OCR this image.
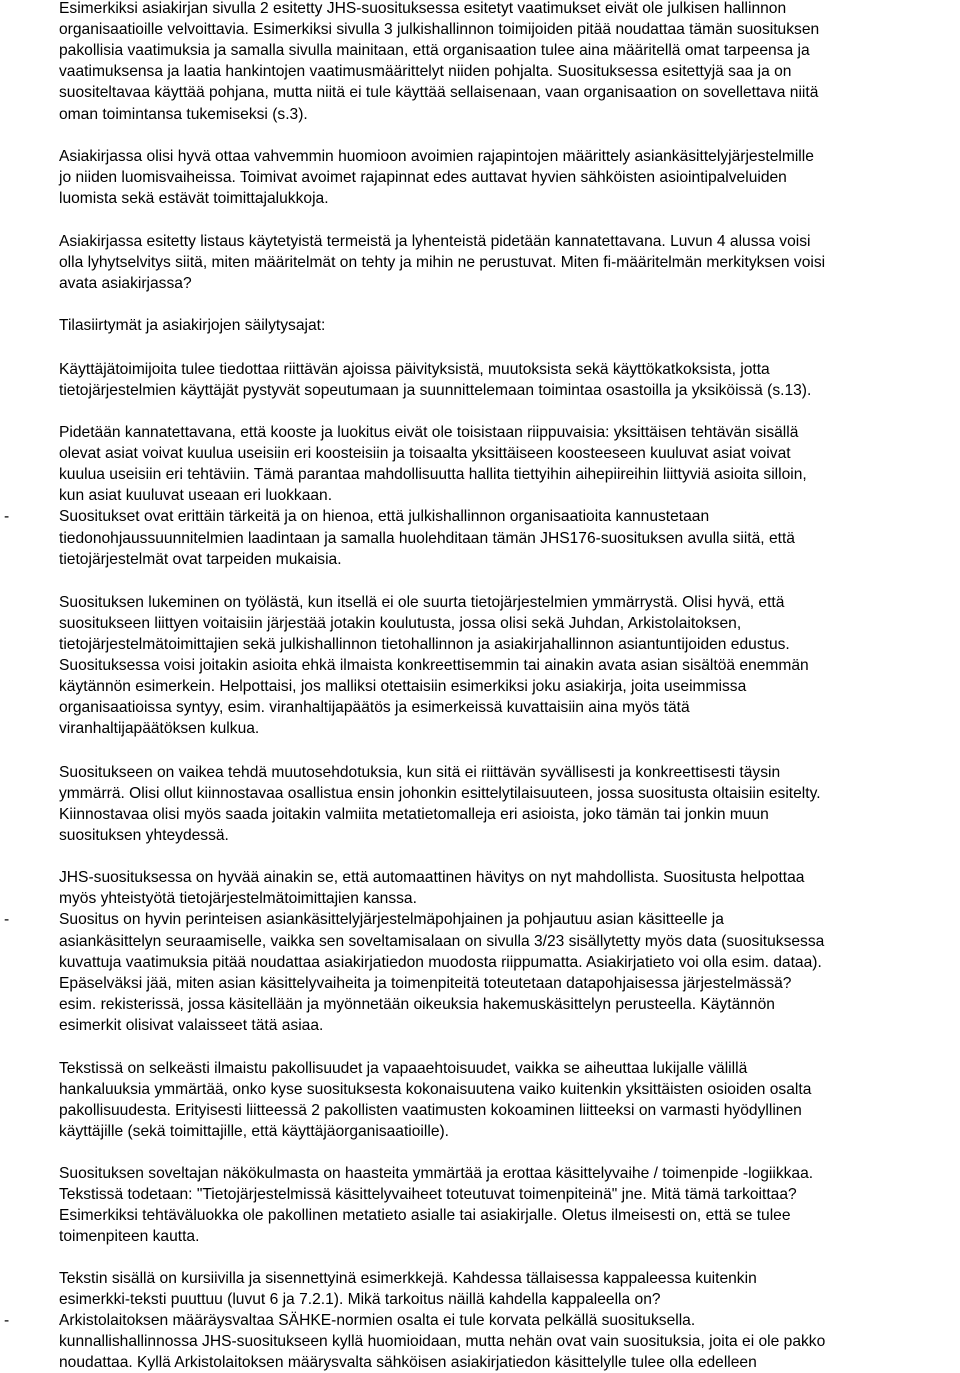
Esimerkiksi asiakirjan sivulla 2 esitetty JHS-suosituksessa esitetyt vaatimukset eivät ole julkisen hallinnon
organisaatioille velvoittavia. Esimerkiksi sivulla 3 julkishallinnon toimijoiden pitää noudattaa tämän suosituksen
pakollisia vaatimuksia ja samalla sivulla mainitaan, että organisaation tulee aina määritellä omat tarpeensa ja
vaatimuksensa ja laatia hankintojen vaatimusmäärittelyt niiden pohjalta. Suosituksessa esitettyjä saa ja on
suositeltavaa käyttää pohjana, mutta niitä ei tule käyttää sellaisenaan, vaan organisaation on sovellettava niitä
oman toimintansa tukemiseksi (s.3).
Asiakirjassa olisi hyvä ottaa vahvemmin huomioon avoimien rajapintojen määrittely asiankäsittelyjärjestelmille
jo niiden luomisvaiheissa. Toimivat avoimet rajapinnat edes auttavat hyvien sähköisten asiointipalveluiden
luomista sekä estävät toimittajalukkoja.
Asiakirjassa esitetty listaus käytetyistä termeistä ja lyhenteistä pidetään kannatettavana. Luvun 4 alussa voisi
olla lyhytselvitys siitä, miten määritelmät on tehty ja mihin ne perustuvat. Miten fi-määritelmän merkityksen voisi
avata asiakirjassa?
Tilasiirtymät ja asiakirjojen säilytysajat:
Käyttäjätoimijoita tulee tiedottaa riittävän ajoissa päivityksistä, muutoksista sekä käyttökatkoksista, jotta
tietojärjestelmien käyttäjät pystyvät sopeutumaan ja suunnittelemaan toimintaa osastoilla ja yksiköissä (s.13).
Pidetään kannatettavana, että kooste ja luokitus eivät ole toisistaan riippuvaisia: yksittäisen tehtävän sisällä
olevat asiat voivat kuulua useisiin eri koosteisiin ja toisaalta yksittäiseen koosteeseen kuuluvat asiat voivat
kuulua useisiin eri tehtäviin. Tämä parantaa mahdollisuutta hallita tiettyihin aihepiireihin liittyviä asioita silloin,
kun asiat kuuluvat useaan eri luokkaan.
-	Suositukset ovat erittäin tärkeitä ja on hienoa, että julkishallinnon organisaatioita kannustetaan
tiedonohjaussuunnitelmien laadintaan ja samalla huolehditaan tämän JHS176-suosituksen avulla siitä, että
tietojärjestelmät ovat tarpeiden mukaisia.
Suosituksen lukeminen on työlästä, kun itsellä ei ole suurta tietojärjestelmien ymmärrystä. Olisi hyvä, että
suositukseen liittyen voitaisiin järjestää jotakin koulutusta, jossa olisi sekä Juhdan, Arkistolaitoksen,
tietojärjestelmätoimittajien sekä julkishallinnon tietohallinnon ja asiakirjahallinnon asiantuntijoiden edustus.
Suosituksessa voisi joitakin asioita ehkä ilmaista konkreettisemmin tai ainakin avata asian sisältöä enemmän
käytännön esimerkein. Helpottaisi, jos malliksi otettaisiin esimerkiksi joku asiakirja, joita useimmissa
organisaatioissa syntyy, esim. viranhaltijapäätös ja esimerkeissä kuvattaisiin aina myös tätä
viranhaltijapäätöksen kulkua.
Suositukseen on vaikea tehdä muutosehdotuksia, kun sitä ei riittävän syvällisesti ja konkreettisesti täysin
ymmärrä. Olisi ollut kiinnostavaa osallistua ensin johonkin esittelytilaisuuteen, jossa suositusta oltaisiin esitelty.
Kiinnostavaa olisi myös saada joitakin valmiita metatietomalleja eri asioista, joko tämän tai jonkin muun
suosituksen yhteydessä.
JHS-suosituksessa on hyvää ainakin se, että automaattinen hävitys on nyt mahdollista. Suositusta helpottaa
myös yhteistyötä tietojärjestelmätoimittajien kanssa.
-	Suositus on hyvin perinteisen asiankäsittelyjärjestelmäpohjainen ja pohjautuu asian käsitteelle ja
asiankäsittelyn seuraamiselle, vaikka sen soveltamisalaan on sivulla 3/23 sisällytetty myös data (suosituksessa
kuvattuja vaatimuksia pitää noudattaa asiakirjatiedon muodosta riippumatta. Asiakirjatieto voi olla esim. dataa).
Epäselväksi jää, miten asian käsittelyvaiheita ja toimenpiteitä toteutetaan datapohjaisessa järjestelmässä?
esim. rekisterissä, jossa käsitellään ja myönnetään oikeuksia hakemuskäsittelyn perusteella. Käytännön
esimerkit olisivat valaisseet tätä asiaa.
Tekstissä on selkeästi ilmaistu pakollisuudet ja vapaaehtoisuudet, vaikka se aiheuttaa lukijalle välillä
hankaluuksia ymmärtää, onko kyse suosituksesta kokonaisuutena vaiko kuitenkin yksittäisten osioiden osalta
pakollisuudesta. Erityisesti liitteessä 2 pakollisten vaatimusten kokoaminen liitteeksi on varmasti hyödyllinen
käyttäjille (sekä toimittajille, että käyttäjäorganisaatioille).
Suosituksen soveltajan näkökulmasta on haasteita ymmärtää ja erottaa käsittelyvaihe / toimenpide -logiikkaa.
Tekstissä todetaan: "Tietojärjestelmissä käsittelyvaiheet toteutuvat toimenpiteinä" jne. Mitä tämä tarkoittaa?
Esimerkiksi tehtäväluokka ole pakollinen metatieto asialle tai asiakirjalle. Oletus ilmeisesti on, että se tulee
toimenpiteen kautta.
Tekstin sisällä on kursiivilla ja sisennettyinä esimerkkejä. Kahdessa tällaisessa kappaleessa kuitenkin
esimerkki-teksti puuttuu (luvut 6 ja 7.2.1). Mikä tarkoitus näillä kahdella kappaleella on?
-	Arkistolaitoksen määräysvaltaa SÄHKE-normien osalta ei tule korvata pelkällä suosituksella.
kunnallishallinnossa JHS-suositukseen kyllä huomioidaan, mutta nehän ovat vain suosituksia, joita ei ole pakko
noudattaa. Kyllä Arkistolaitoksen määrysvalta sähköisen asiakirjatiedon käsittelylle tulee olla edelleen
